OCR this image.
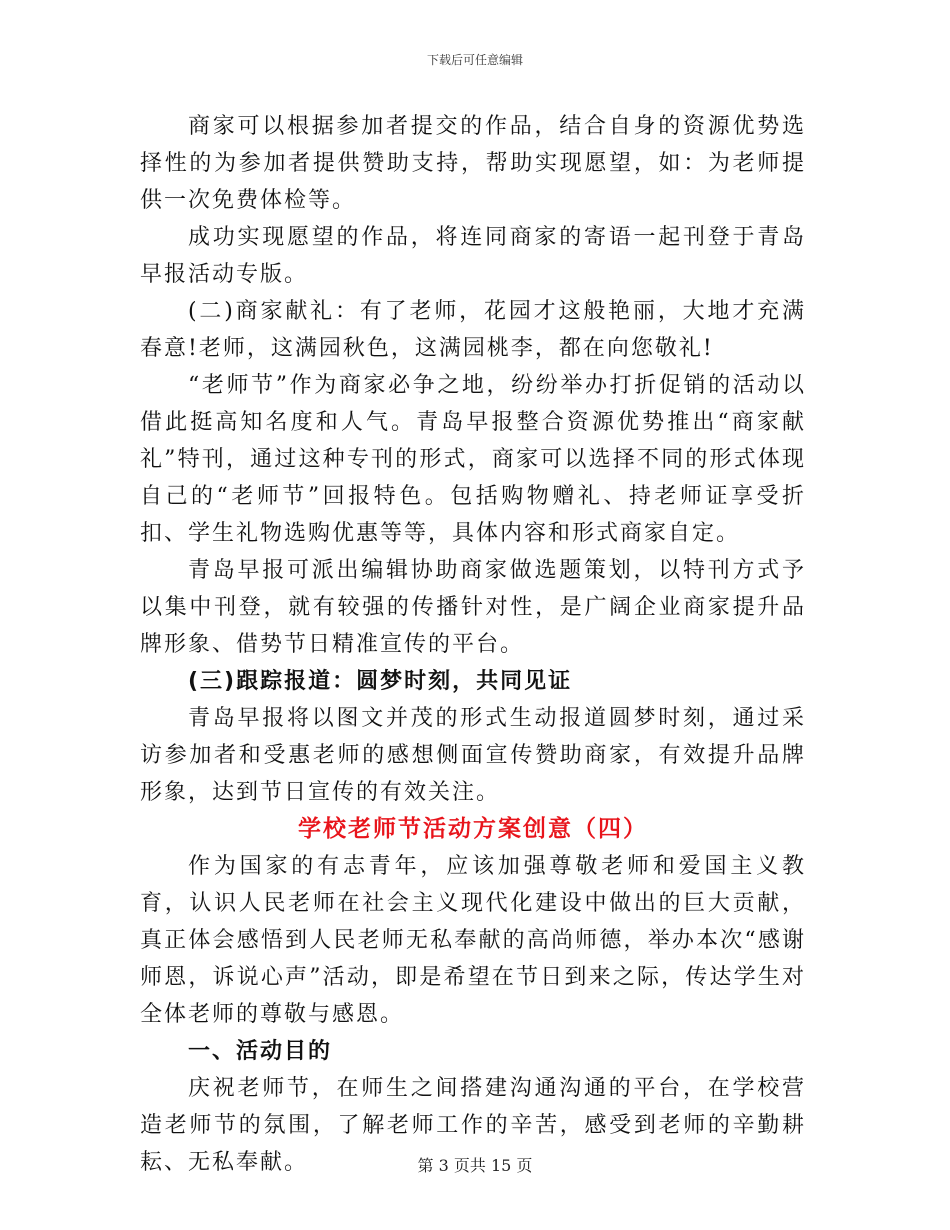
下载后可任意编辑

商家可以根据参加者提交的作品，结合自身的资源优势选择性的为参加者提供赞助支持，帮助实现愿望，如：为老师提供一次免费体检等。

成功实现愿望的作品，将连同商家的寄语一起刊登于青岛早报活动专版。

(二)商家献礼：有了老师，花园才这般艳丽，大地才充满春意!老师，这满园秋色，这满园桃李，都在向您敬礼!

“老师节”作为商家必争之地，纷纷举办打折促销的活动以借此挺高知名度和人气。青岛早报整合资源优势推出“商家献礼”特刊，通过这种专刊的形式，商家可以选择不同的形式体现自己的“老师节”回报特色。包括购物赠礼、持老师证享受折扣、学生礼物选购优惠等等，具体内容和形式商家自定。

青岛早报可派出编辑协助商家做选题策划，以特刊方式予以集中刊登，就有较强的传播针对性，是广阔企业商家提升品牌形象、借势节日精准宣传的平台。

(三)跟踪报道：圆梦时刻，共同见证

青岛早报将以图文并茂的形式生动报道圆梦时刻，通过采访参加者和受惠老师的感想侧面宣传赞助商家，有效提升品牌形象，达到节日宣传的有效关注。

学校老师节活动方案创意（四）

作为国家的有志青年，应该加强尊敬老师和爱国主义教育，认识人民老师在社会主义现代化建设中做出的巨大贡献，真正体会感悟到人民老师无私奉献的高尚师德，举办本次“感谢师恩，诉说心声”活动，即是希望在节日到来之际，传达学生对全体老师的尊敬与感恩。

一、活动目的

庆祝老师节，在师生之间搭建沟通沟通的平台，在学校营造老师节的氛围，了解老师工作的辛苦，感受到老师的辛勤耕耘、无私奉献。	第 3 页共 15 页
